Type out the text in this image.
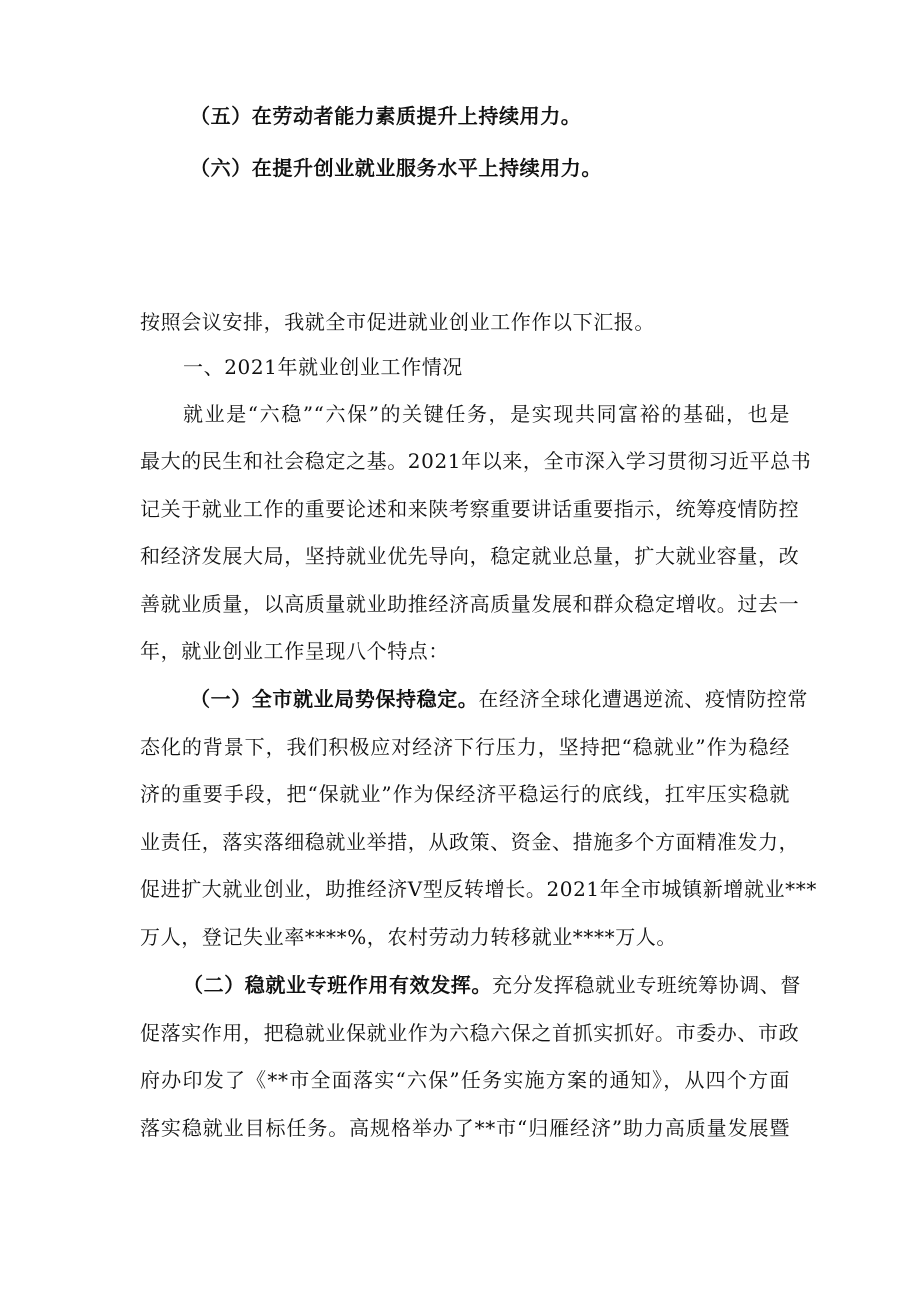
（五）在劳动者能力素质提升上持续用力。
（六）在提升创业就业服务水平上持续用力。
按照会议安排，我就全市促进就业创业工作作以下汇报。
一、2021年就业创业工作情况
就业是“六稳”“六保”的关键任务，是实现共同富裕的基础，也是
最大的民生和社会稳定之基。2021年以来，全市深入学习贯彻习近平总书
记关于就业工作的重要论述和来陕考察重要讲话重要指示，统筹疫情防控
和经济发展大局，坚持就业优先导向，稳定就业总量，扩大就业容量，改
善就业质量，以高质量就业助推经济高质量发展和群众稳定增收。过去一
年，就业创业工作呈现八个特点：
（一）全市就业局势保持稳定。 在经济全球化遭遇逆流、疫情防控常
态化的背景下，我们积极应对经济下行压力，坚持把“稳就业”作为稳经
济的重要手段，把“保就业”作为保经济平稳运行的底线，扛牢压实稳就
业责任，落实落细稳就业举措，从政策、资金、措施多个方面精准发力，
促进扩大就业创业，助推经济V型反转增长。2021年全市城镇新增就业***
万人，登记失业率****%，农村劳动力转移就业****万人。
（二）稳就业专班作用有效发挥。 充分发挥稳就业专班统筹协调、督
促落实作用，把稳就业保就业作为六稳六保之首抓实抓好。市委办、市政
府办印发了《**市全面落实“六保”任务实施方案的通知》，从四个方面
落实稳就业目标任务。高规格举办了**市“归雁经济”助力高质量发展暨
